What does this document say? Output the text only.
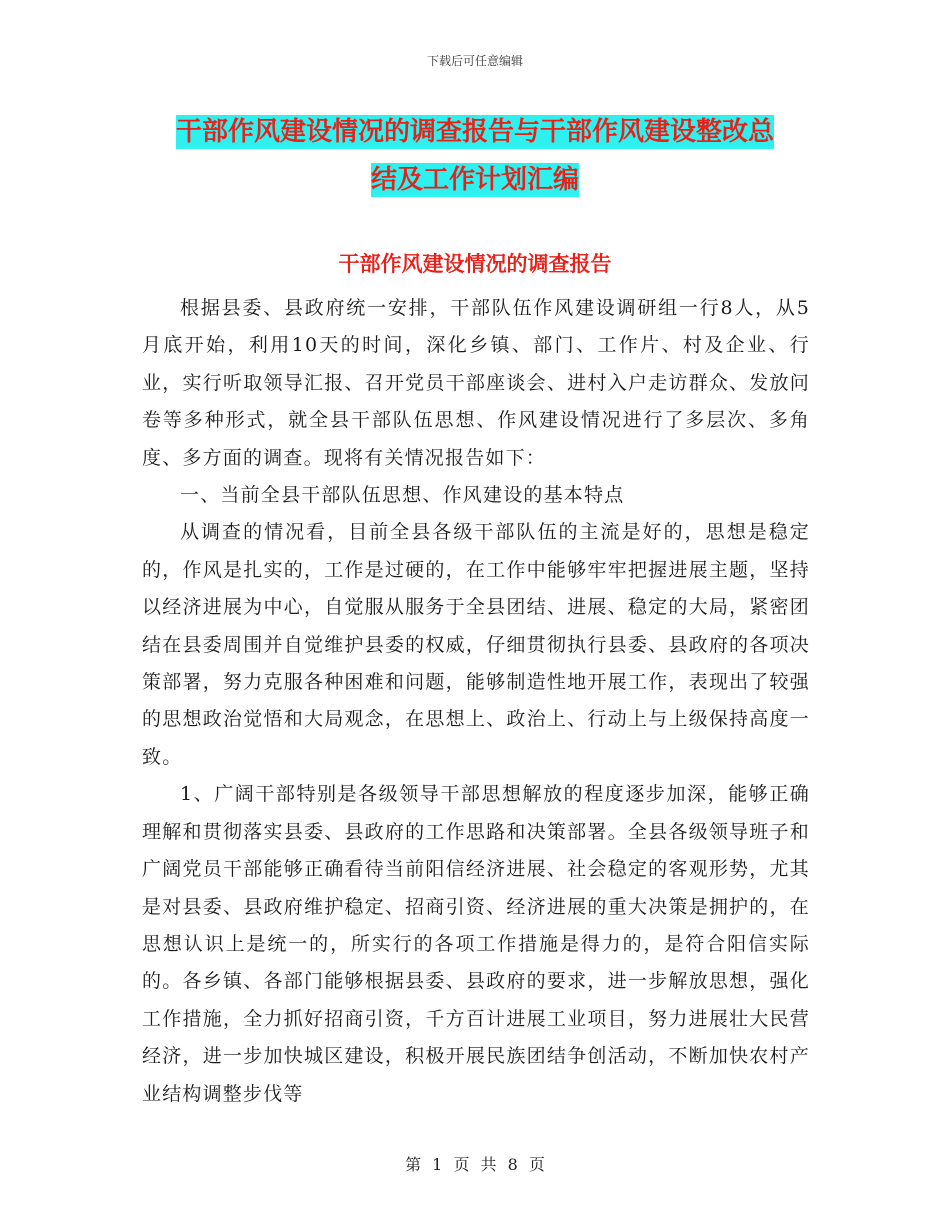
下载后可任意编辑
干部作风建设情况的调查报告与干部作风建设整改总
结及工作计划汇编
干部作风建设情况的调查报告

根据县委、县政府统一安排，干部队伍作风建设调研组一行8人，从5月底开始，利用10天的时间，深化乡镇、部门、工作片、村及企业、行业，实行听取领导汇报、召开党员干部座谈会、进村入户走访群众、发放问卷等多种形式，就全县干部队伍思想、作风建设情况进行了多层次、多角度、多方面的调查。现将有关情况报告如下：

一、当前全县干部队伍思想、作风建设的基本特点

从调查的情况看，目前全县各级干部队伍的主流是好的，思想是稳定的，作风是扎实的，工作是过硬的，在工作中能够牢牢把握进展主题，坚持以经济进展为中心，自觉服从服务于全县团结、进展、稳定的大局，紧密团结在县委周围并自觉维护县委的权威，仔细贯彻执行县委、县政府的各项决策部署，努力克服各种困难和问题，能够制造性地开展工作，表现出了较强的思想政治觉悟和大局观念，在思想上、政治上、行动上与上级保持高度一致。

1、广阔干部特别是各级领导干部思想解放的程度逐步加深，能够正确理解和贯彻落实县委、县政府的工作思路和决策部署。全县各级领导班子和广阔党员干部能够正确看待当前阳信经济进展、社会稳定的客观形势，尤其是对县委、县政府维护稳定、招商引资、经济进展的重大决策是拥护的，在思想认识上是统一的，所实行的各项工作措施是得力的，是符合阳信实际的。各乡镇、各部门能够根据县委、县政府的要求，进一步解放思想，强化工作措施，全力抓好招商引资，千方百计进展工业项目，努力进展壮大民营经济，进一步加快城区建设，积极开展民族团结争创活动，不断加快农村产业结构调整步伐等

第 1 页 共 8 页
